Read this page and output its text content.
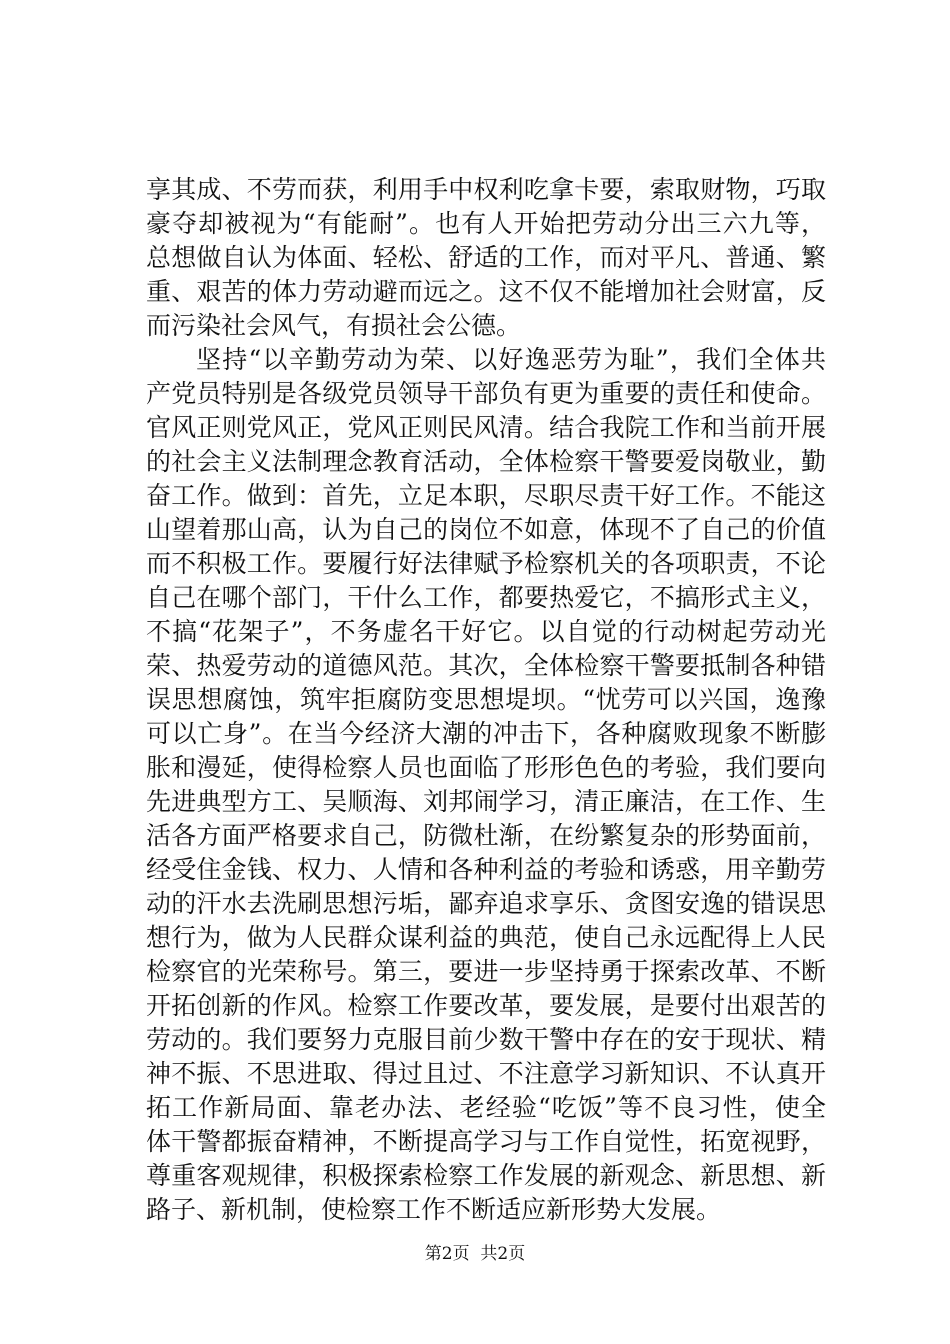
享其成、不劳而获，利用手中权利吃拿卡要，索取财物，巧取
豪夺却被视为“有能耐”。也有人开始把劳动分出三六九等，
总想做自认为体面、轻松、舒适的工作，而对平凡、普通、繁
重、艰苦的体力劳动避而远之。这不仅不能增加社会财富，反
而污染社会风气，有损社会公德。
坚持“以辛勤劳动为荣、以好逸恶劳为耻”，我们全体共
产党员特别是各级党员领导干部负有更为重要的责任和使命。
官风正则党风正，党风正则民风清。结合我院工作和当前开展
的社会主义法制理念教育活动，全体检察干警要爱岗敬业，勤
奋工作。做到：首先，立足本职，尽职尽责干好工作。不能这
山望着那山高，认为自己的岗位不如意，体现不了自己的价值
而不积极工作。要履行好法律赋予检察机关的各项职责，不论
自己在哪个部门，干什么工作，都要热爱它，不搞形式主义，
不搞“花架子”，不务虚名干好它。以自觉的行动树起劳动光
荣、热爱劳动的道德风范。其次，全体检察干警要抵制各种错
误思想腐蚀，筑牢拒腐防变思想堤坝。“忧劳可以兴国，逸豫
可以亡身”。在当今经济大潮的冲击下，各种腐败现象不断膨
胀和漫延，使得检察人员也面临了形形色色的考验，我们要向
先进典型方工、吴顺海、刘邦闹学习，清正廉洁，在工作、生
活各方面严格要求自己，防微杜渐，在纷繁复杂的形势面前，
经受住金钱、权力、人情和各种利益的考验和诱惑，用辛勤劳
动的汗水去洗刷思想污垢，鄙弃追求享乐、贪图安逸的错误思
想行为，做为人民群众谋利益的典范，使自己永远配得上人民
检察官的光荣称号。第三，要进一步坚持勇于探索改革、不断
开拓创新的作风。检察工作要改革，要发展，是要付出艰苦的
劳动的。我们要努力克服目前少数干警中存在的安于现状、精
神不振、不思进取、得过且过、不注意学习新知识、不认真开
拓工作新局面、靠老办法、老经验“吃饭”等不良习性，使全
体干警都振奋精神，不断提高学习与工作自觉性，拓宽视野，
尊重客观规律，积极探索检察工作发展的新观念、新思想、新
路子、新机制，使检察工作不断适应新形势大发展。
第2页  共2页
